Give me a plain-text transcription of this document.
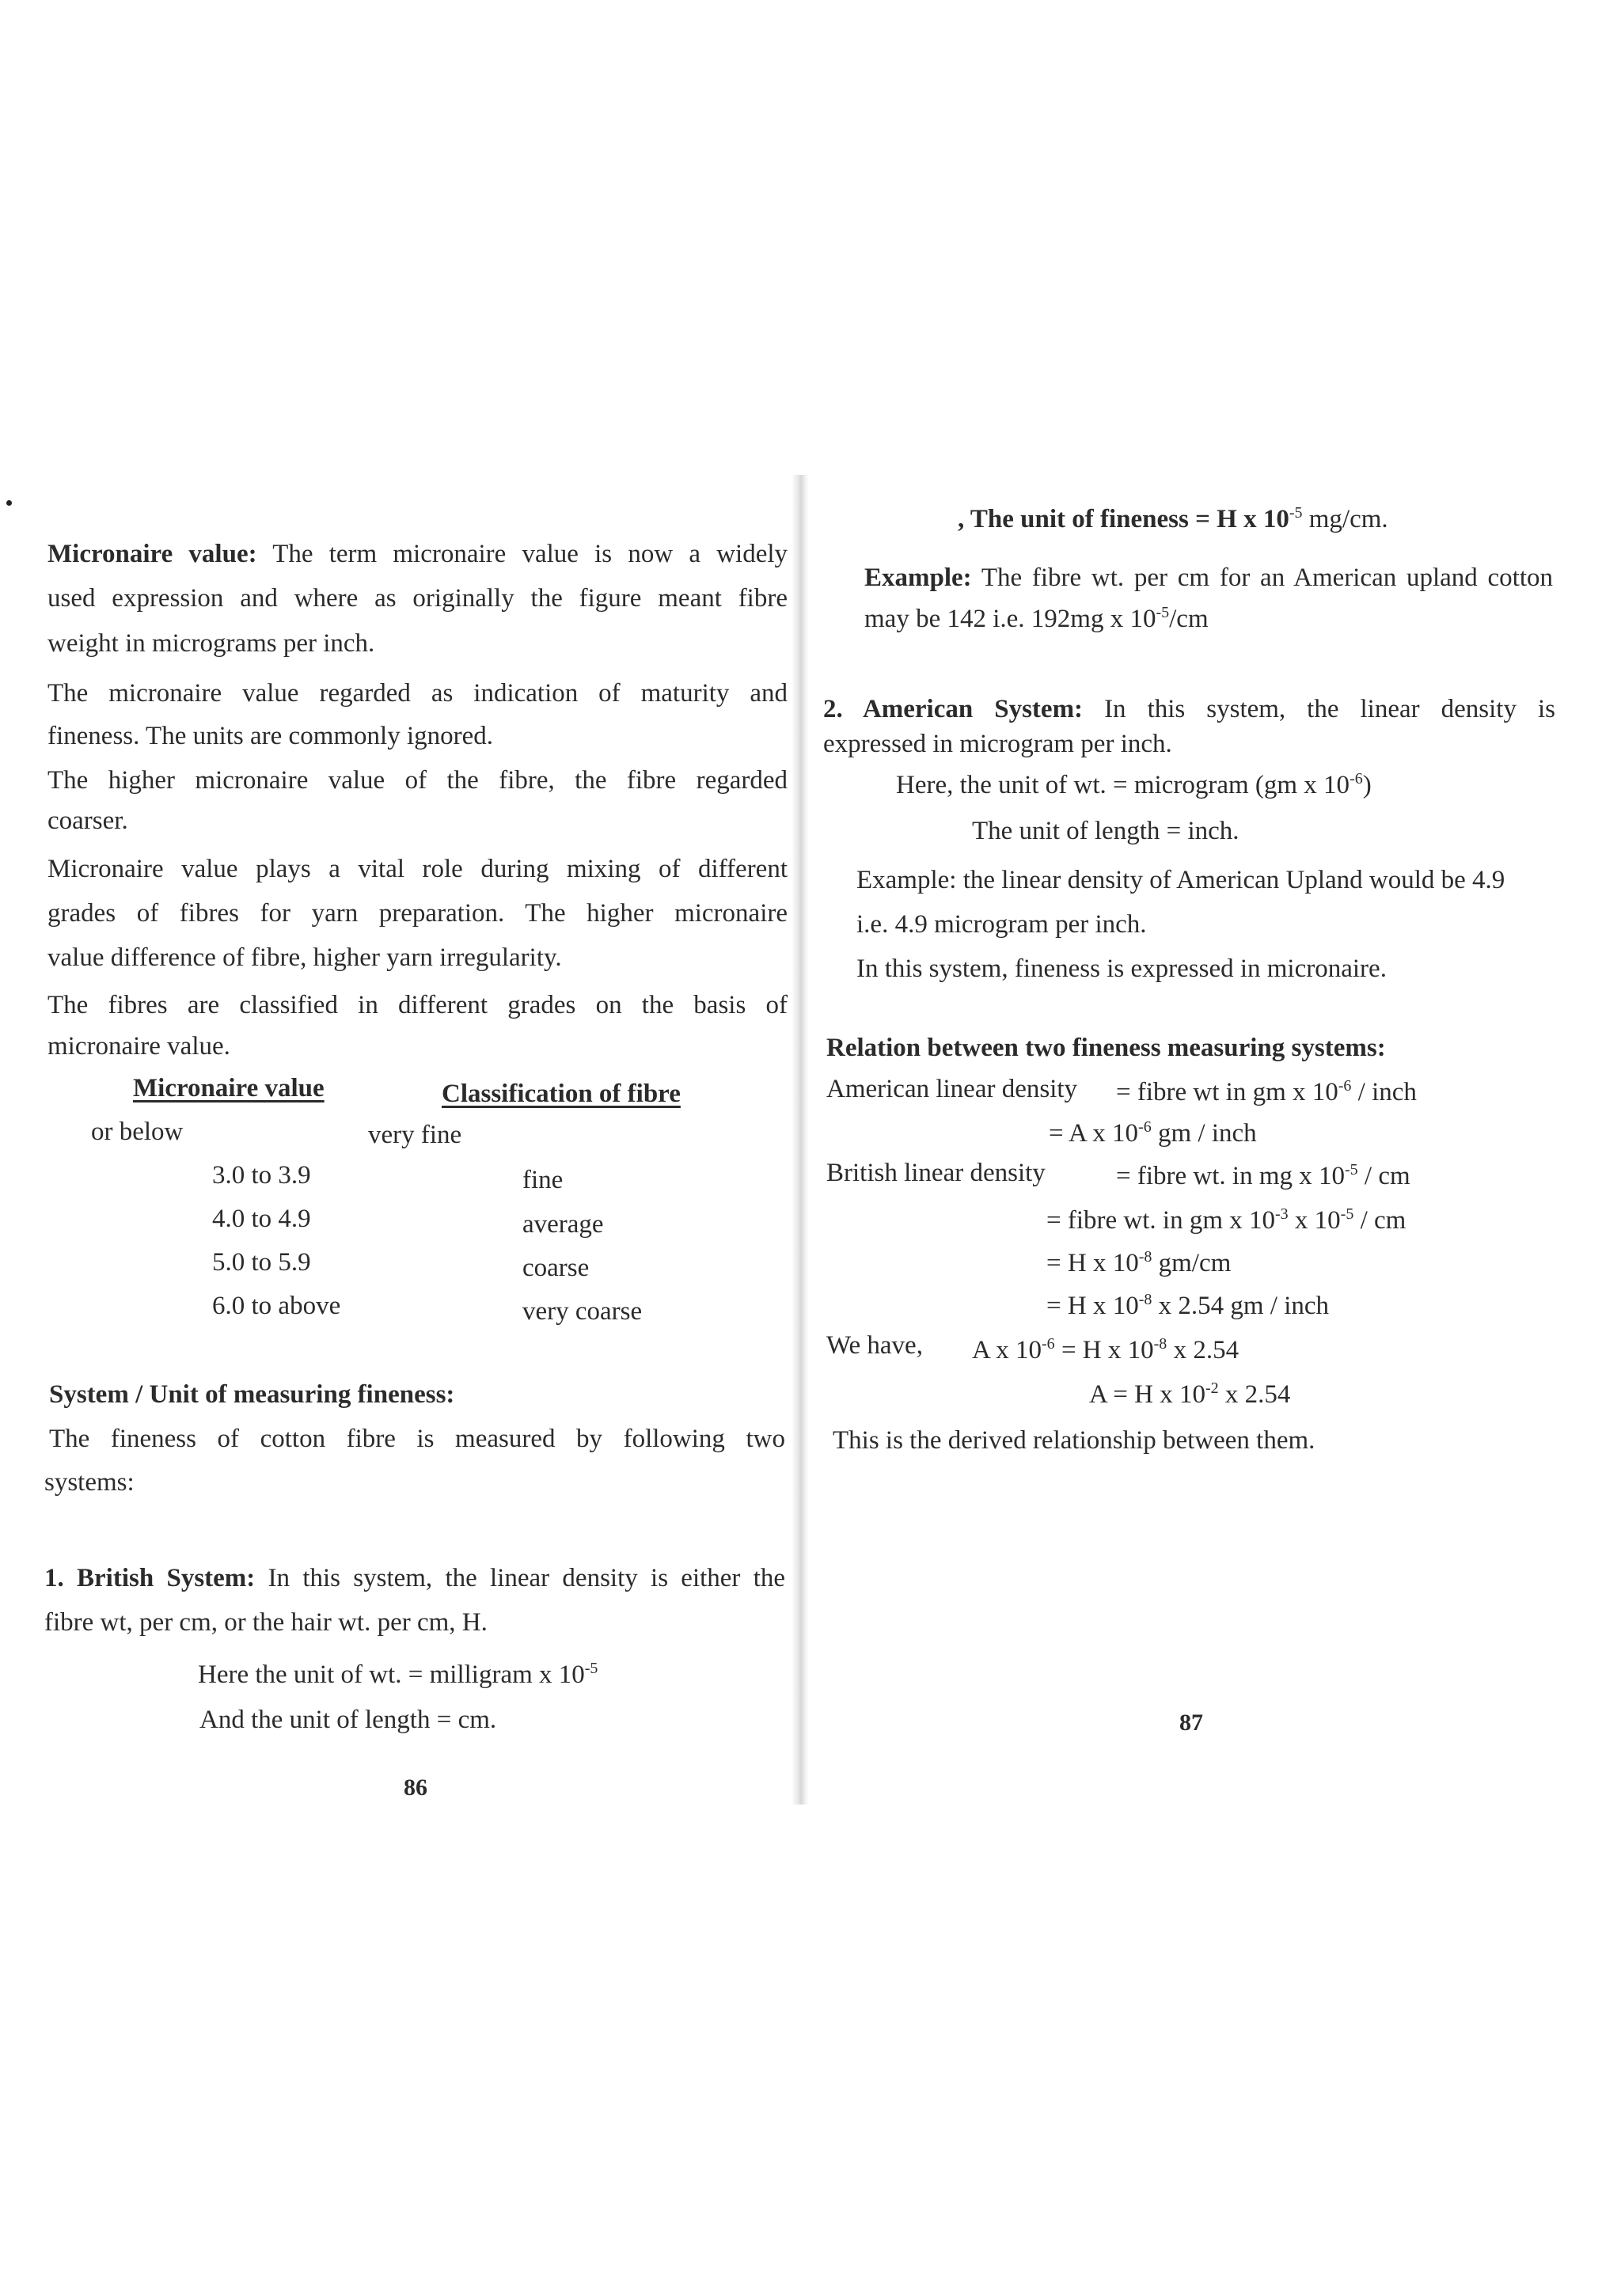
Micronaire value: The term micronaire value is now a widely
used expression and where as originally the figure meant fibre
weight in micrograms per inch.
The micronaire value regarded as indication of maturity and
fineness. The units are commonly ignored.
The higher micronaire value of the fibre, the fibre regarded
coarser.
Micronaire value plays a vital role during mixing of different
grades of fibres for yarn preparation. The higher micronaire
value difference of fibre, higher yarn irregularity.
The fibres are classified in different grades on the basis of
micronaire value.
Micronaire value	Classification of fibre
or below	very fine
3.0 to 3.9	fine
4.0 to 4.9	average
5.0 to 5.9	coarse
6.0 to above	very coarse
System / Unit of measuring fineness:
The fineness of cotton fibre is measured by following two
systems:
1. British System: In this system, the linear density is either the
fibre wt, per cm, or the hair wt. per cm, H.
Here the unit of wt. = milligram x $10^{-5}$
And the unit of length = cm.
86
, The unit of fineness = H x $10^{-5}$ mg/cm.
Example: The fibre wt. per cm for an American upland cotton
may be 142 i.e. 192mg x $10^{-5}/cm$
2. American System: In this system, the linear density is
expressed in microgram per inch.
Here, the unit of wt. = microgram (gm x $10^{-6}$)
The unit of length = inch.
Example: the linear density of American Upland would be 4.9
i.e. 4.9 microgram per inch.
In this system, fineness is expressed in micronaire.
Relation between two fineness measuring systems:
American linear density = fibre wt in gm x $10^{-6}$ / inch
= A x $10^{-6}$ gm / inch
British linear density	= fibre wt. in mg x $10^{-5}$ / cm
= fibre wt. in gm x $10^{-3}$ x $10^{-5}$ / cm
= H x $10^{-8}$ gm/cm
= H x $10^{-8}$ x 2.54 gm / inch
We have, A x $10^{-6} = H$ x $10^{-8}$ x 2.54
A = H x $10^{-2}$ x 2.54
This is the derived relationship between them.
87
